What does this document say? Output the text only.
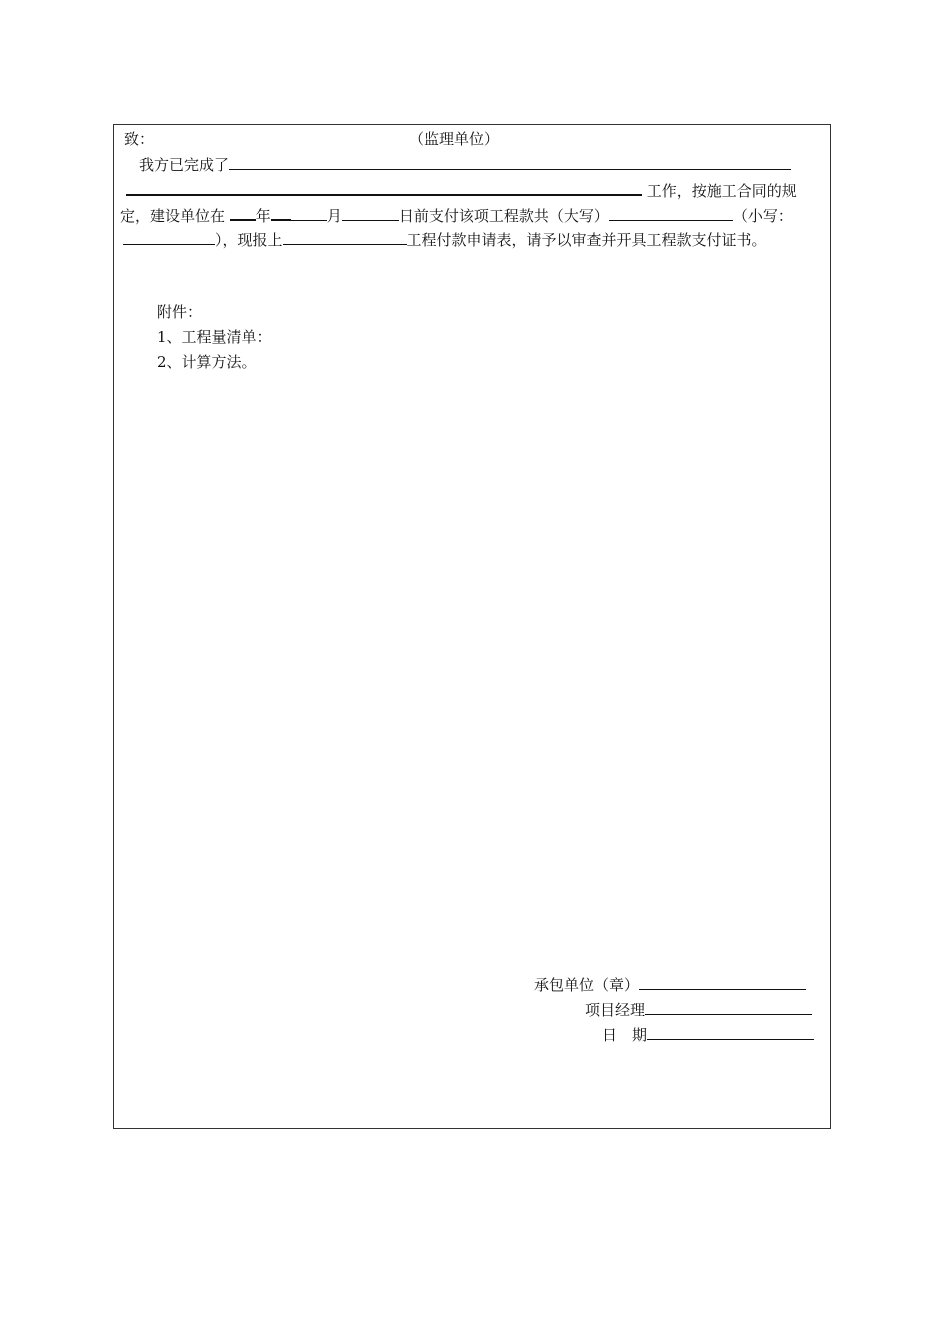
致：	（监理单位）
我方已完成了
工作，按施工合同的规
定，建设单位在 年	月	日前支付该项工程款共（大写）	（小写：
），现报上	工程付款申请表，请予以审查并开具工程款支付证书。
附件：
1、工程量清单：
2、计算方法。
承包单位（章）
项目经理
日　期
